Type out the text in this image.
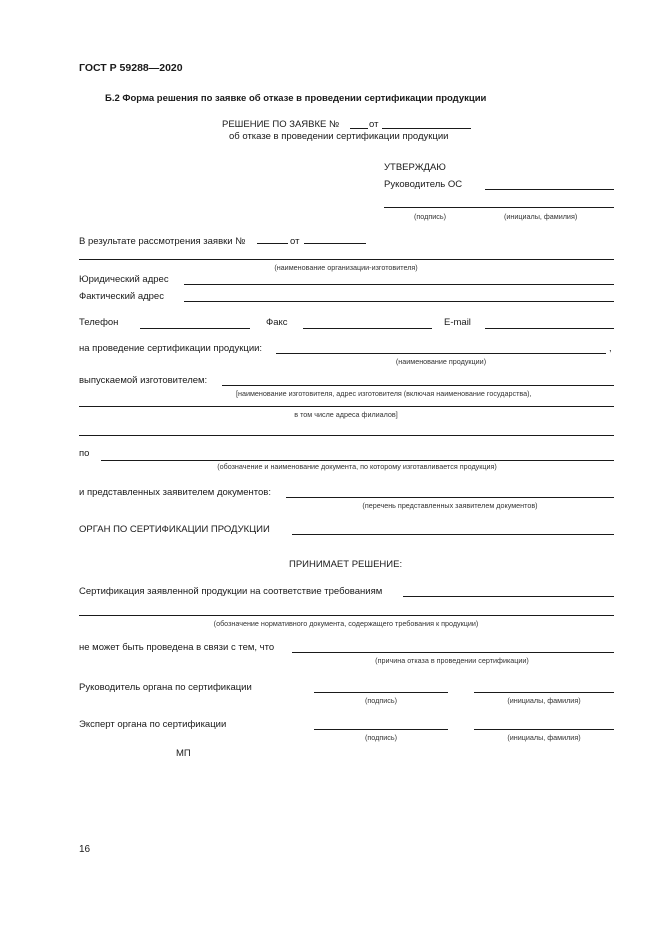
ГОСТ Р 59288—2020
Б.2 Форма решения по заявке об отказе в проведении сертификации продукции
РЕШЕНИЕ ПО ЗАЯВКЕ №	от
об отказе в проведении сертификации продукции
УТВЕРЖДАЮ
Руководитель ОС
(подпись)	(инициалы, фамилия)
В результате рассмотрения заявки №	от
(наименование организации-изготовителя)
Юридический адрес
Фактический адрес
Телефон	Факс	E-mail
на проведение сертификации продукции:	,
(наименование продукции)
выпускаемой изготовителем:
[наименование изготовителя, адрес изготовителя (включая наименование государства),
в том числе адреса филиалов]
по
(обозначение и наименование документа, по которому изготавливается продукция)
и представленных заявителем документов:
(перечень представленных заявителем документов)
ОРГАН ПО СЕРТИФИКАЦИИ ПРОДУКЦИИ
ПРИНИМАЕТ РЕШЕНИЕ:
Сертификация заявленной продукции на соответствие требованиям
(обозначение нормативного документа, содержащего требования к продукции)
не может быть проведена в связи с тем, что
(причина отказа в проведении сертификации)
Руководитель органа по сертификации
(подпись)	(инициалы, фамилия)
Эксперт органа по сертификации
(подпись)	(инициалы, фамилия)
МП
16
